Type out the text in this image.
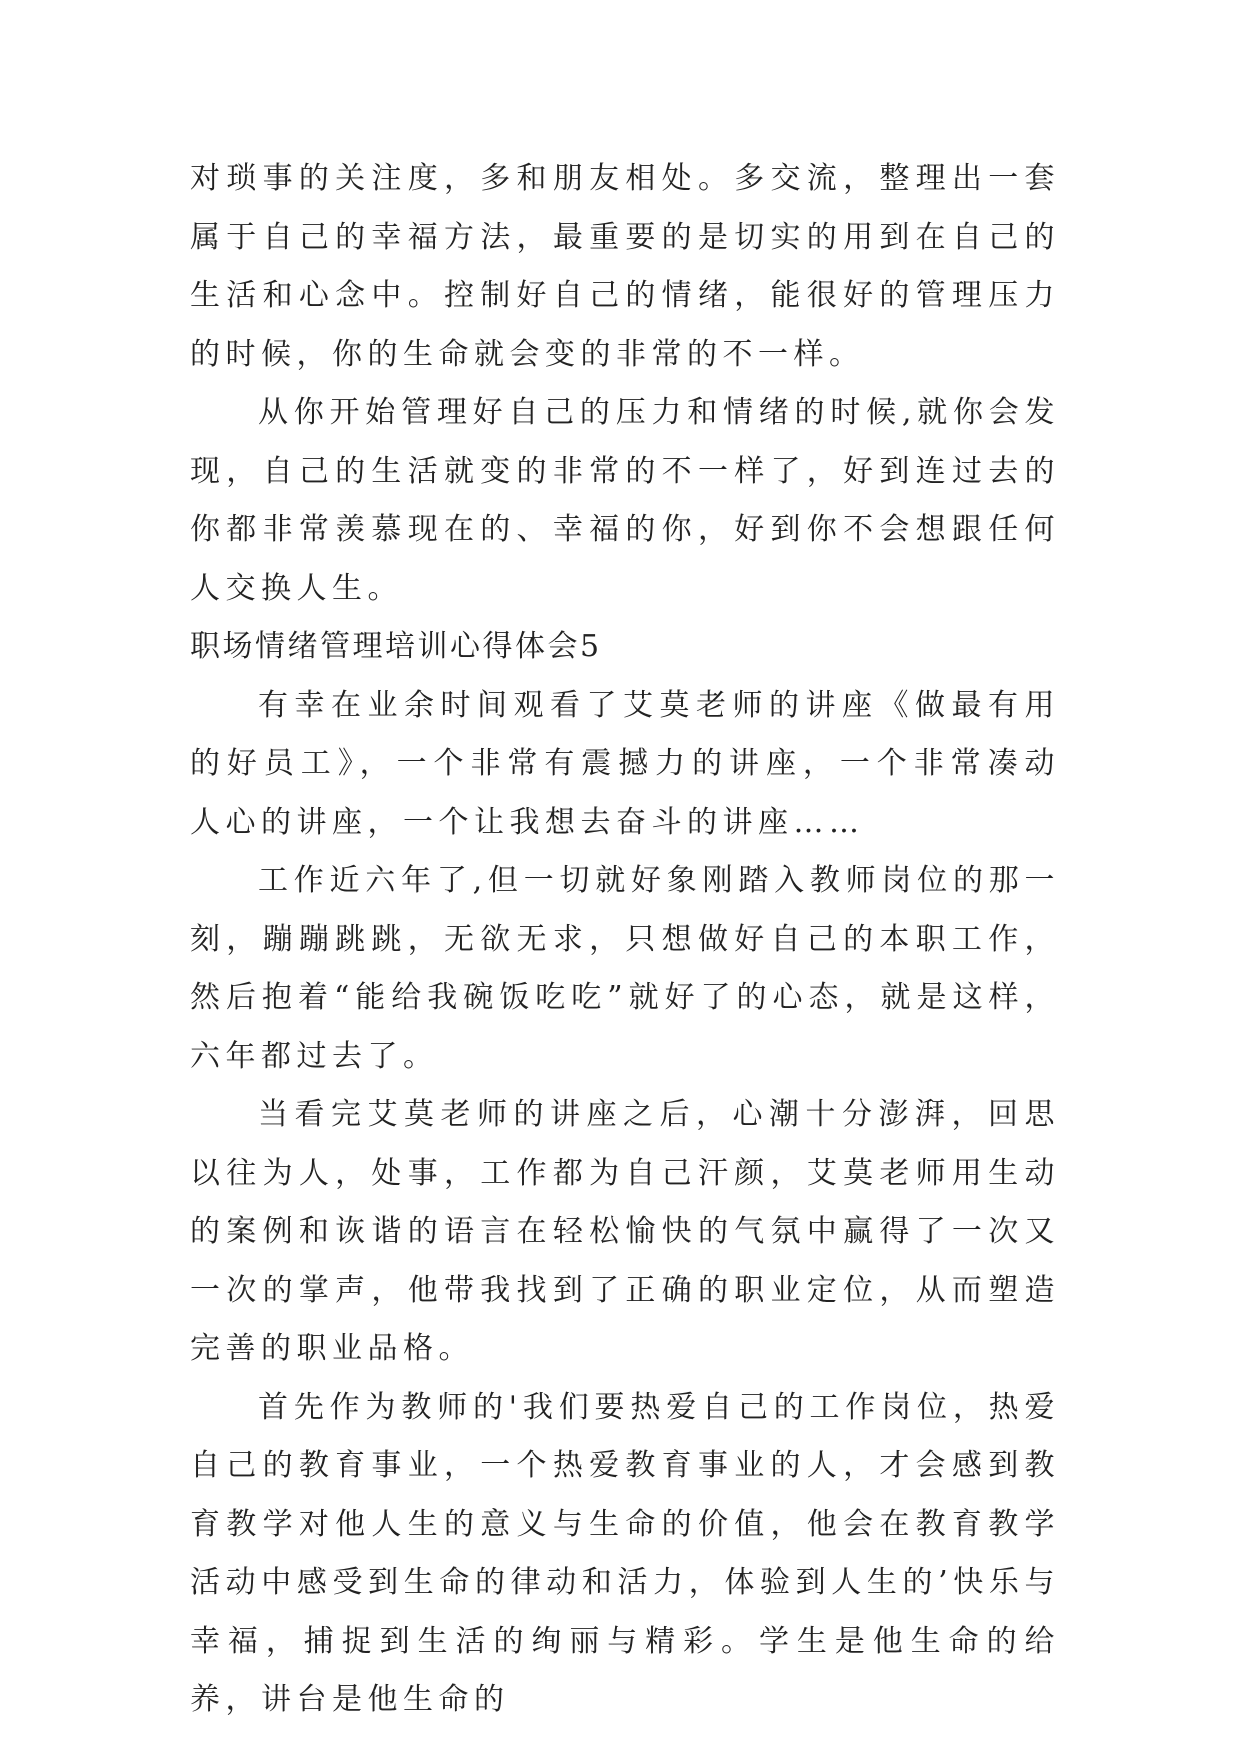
对琐事的关注度，多和朋友相处。多交流，整理出一套属于自己的幸福方法，最重要的是切实的用到在自己的生活和心念中。控制好自己的情绪，能很好的管理压力的时候，你的生命就会变的非常的不一样。

从你开始管理好自己的压力和情绪的时候,就你会发现，自己的生活就变的非常的不一样了，好到连过去的你都非常羡慕现在的、幸福的你，好到你不会想跟任何人交换人生。

职场情绪管理培训心得体会5

有幸在业余时间观看了艾莫老师的讲座《做最有用的好员工》，一个非常有震撼力的讲座，一个非常凑动人心的讲座，一个让我想去奋斗的讲座……

工作近六年了,但一切就好象刚踏入教师岗位的那一刻，蹦蹦跳跳，无欲无求，只想做好自己的本职工作，然后抱着“能给我碗饭吃吃”就好了的心态，就是这样，六年都过去了。

当看完艾莫老师的讲座之后，心潮十分澎湃，回思以往为人，处事，工作都为自己汗颜，艾莫老师用生动的案例和诙谐的语言在轻松愉快的气氛中赢得了一次又一次的掌声，他带我找到了正确的职业定位，从而塑造完善的职业品格。

首先作为教师的'我们要热爱自己的工作岗位，热爱自己的教育事业，一个热爱教育事业的人，才会感到教育教学对他人生的意义与生命的价值，他会在教育教学活动中感受到生命的律动和活力，体验到人生的’快乐与幸福，捕捉到生活的绚丽与精彩。学生是他生命的给养，讲台是他生命的
